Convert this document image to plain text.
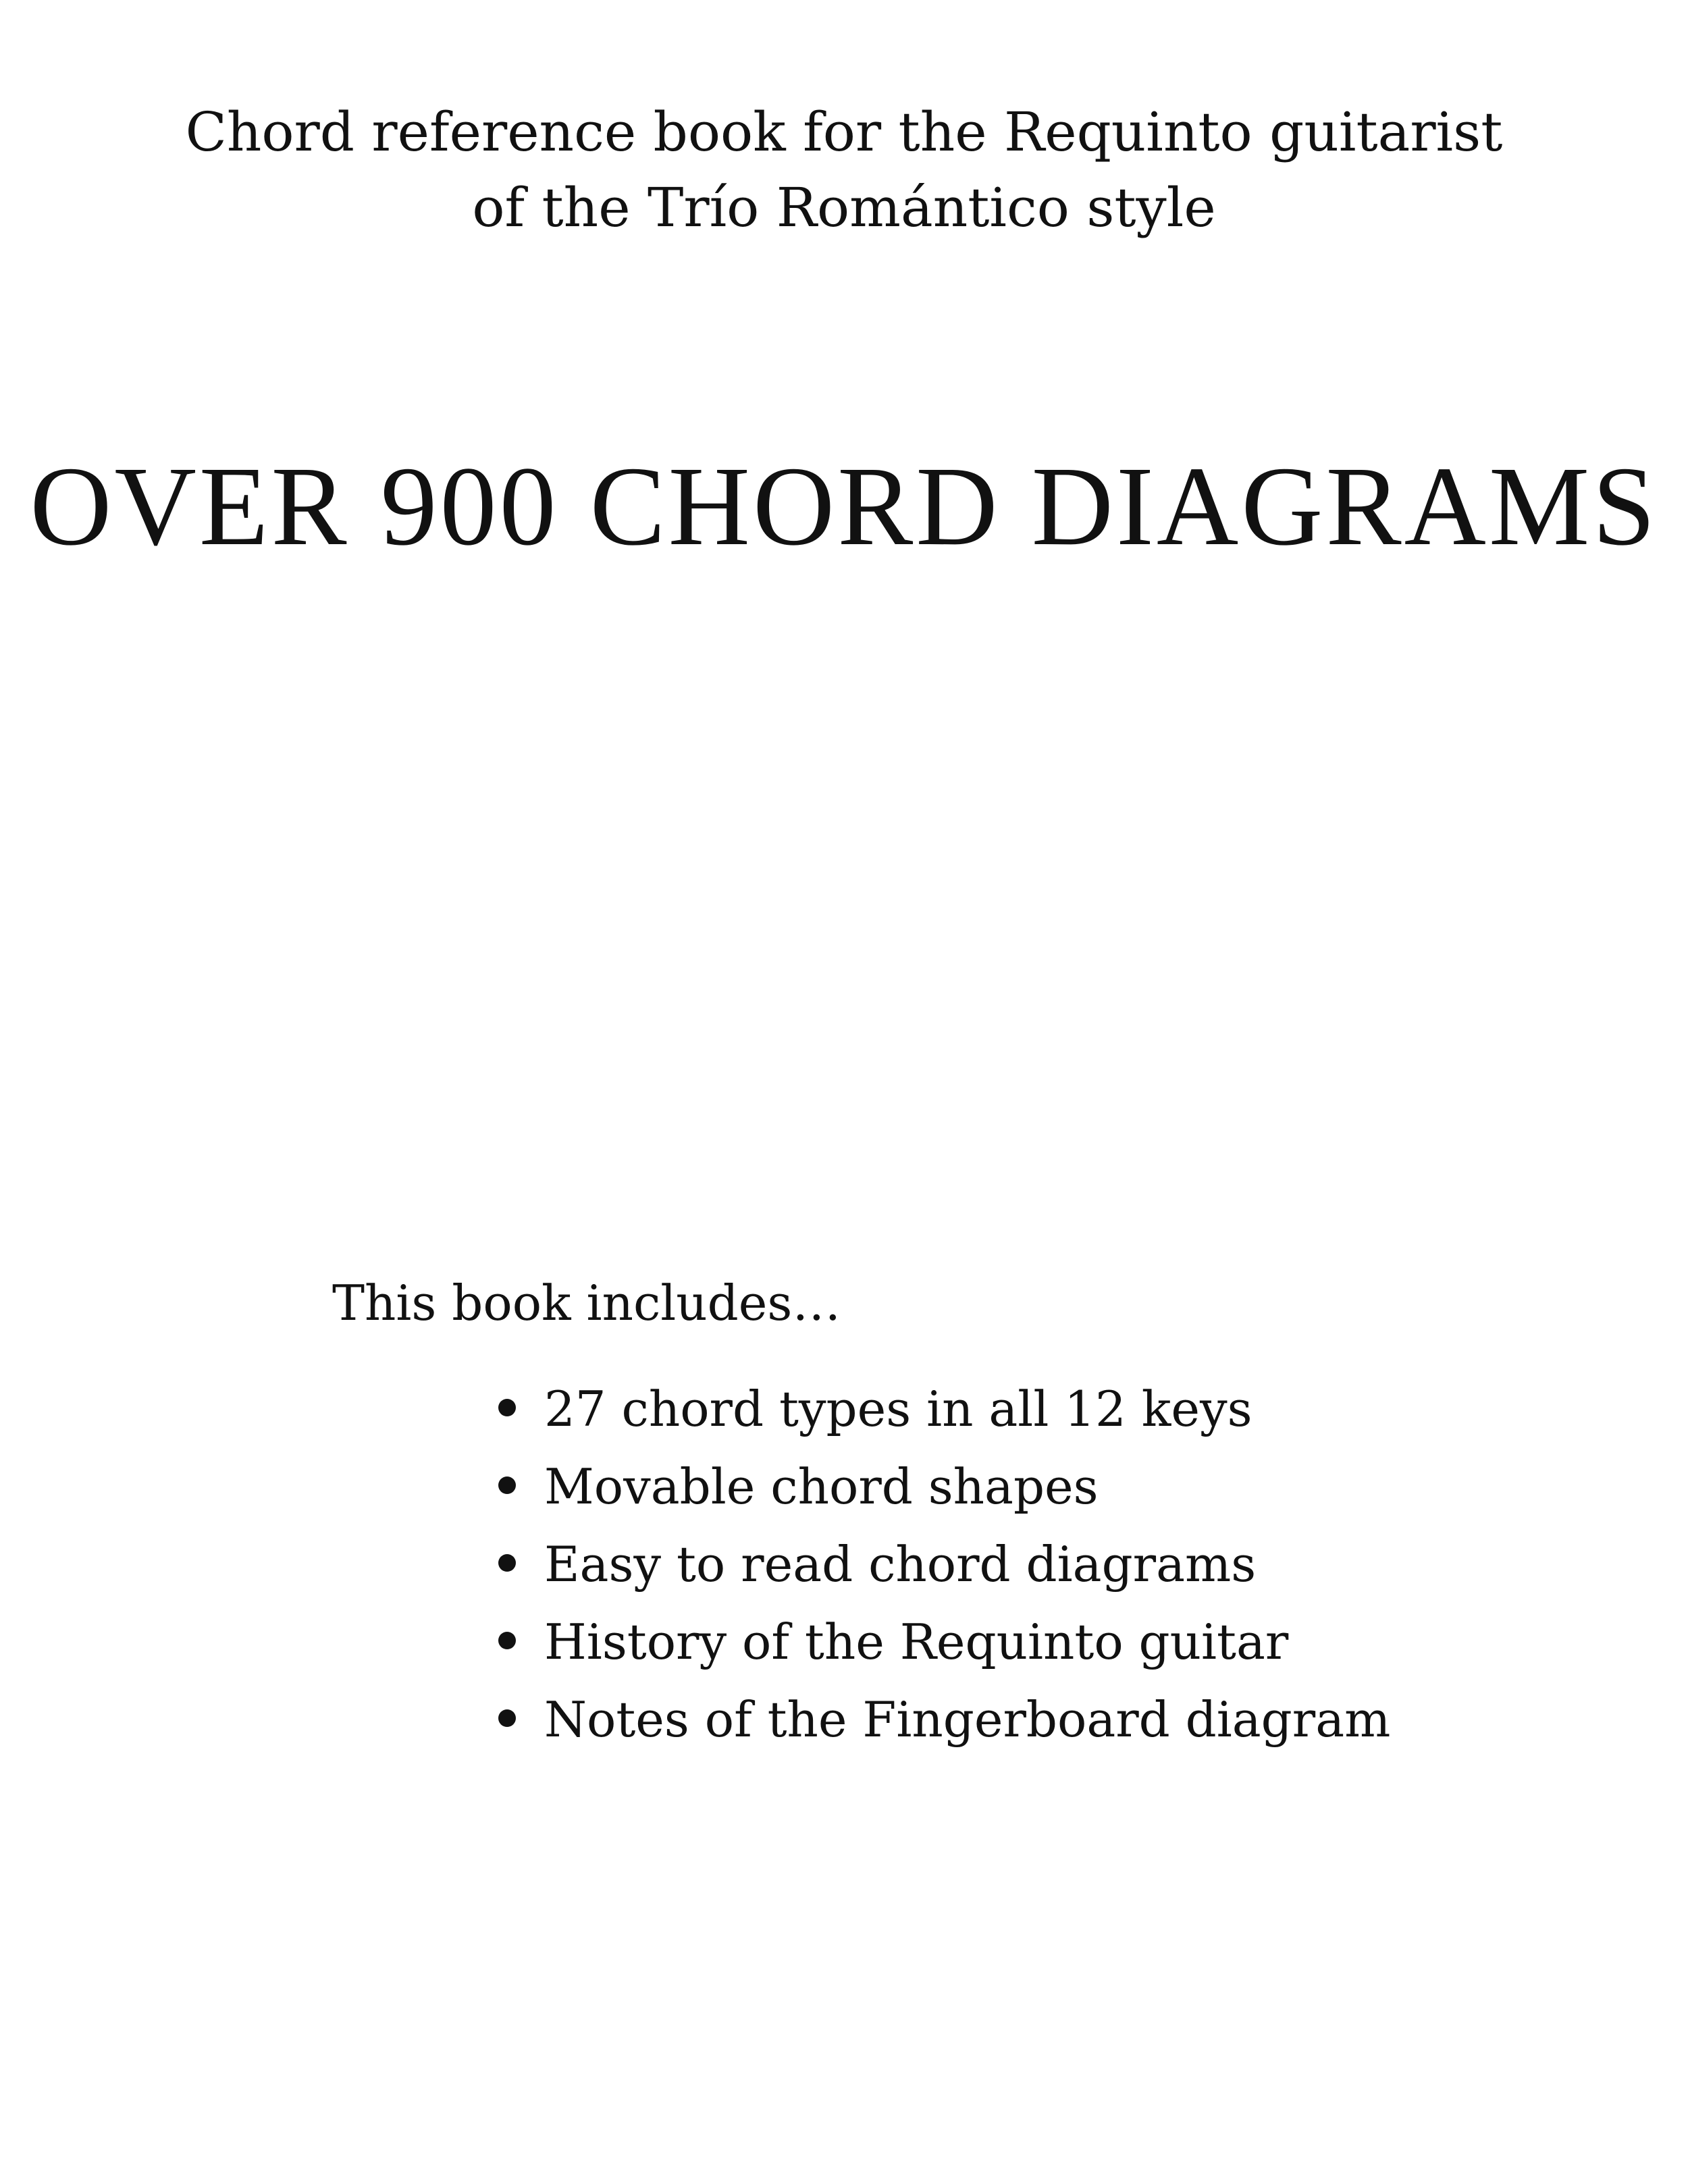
Chord reference book for the Requinto guitarist
of the Trío Romántico style
OVER 900 CHORD DIAGRAMS

This book includes…

27 chord types in all 12 keys
Movable chord shapes
Easy to read chord diagrams
History of the Requinto guitar
Notes of the Fingerboard diagram
